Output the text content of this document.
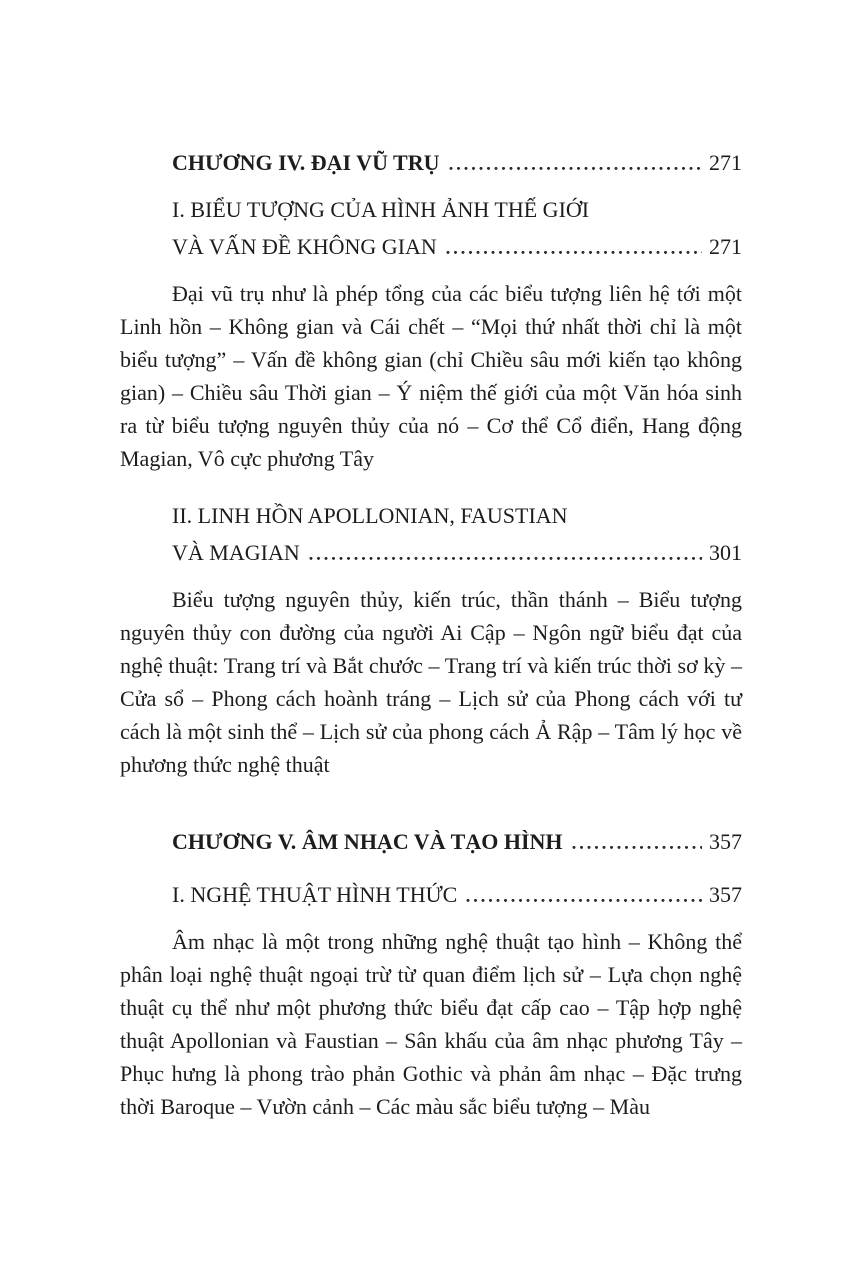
CHƯƠNG IV. ĐẠI VŨ TRỤ	271
I. BIỂU TƯỢNG CỦA HÌNH ẢNH THẾ GIỚI
VÀ VẤN ĐỀ KHÔNG GIAN	271

Đại vũ trụ như là phép tổng của các biểu tượng liên hệ tới một Linh hồn – Không gian và Cái chết – “Mọi thứ nhất thời chỉ là một biểu tượng” – Vấn đề không gian (chỉ Chiều sâu mới kiến tạo không gian) – Chiều sâu Thời gian – Ý niệm thế giới của một Văn hóa sinh ra từ biểu tượng nguyên thủy của nó – Cơ thể Cổ điển, Hang động Magian, Vô cực phương Tây

II. LINH HỒN APOLLONIAN, FAUSTIAN
VÀ MAGIAN	301

Biểu tượng nguyên thủy, kiến trúc, thần thánh – Biểu tượng nguyên thủy con đường của người Ai Cập – Ngôn ngữ biểu đạt của nghệ thuật: Trang trí và Bắt chước – Trang trí và kiến trúc thời sơ kỳ – Cửa sổ – Phong cách hoành tráng – Lịch sử của Phong cách với tư cách là một sinh thể – Lịch sử của phong cách Ả Rập – Tâm lý học về phương thức nghệ thuật

CHƯƠNG V. ÂM NHẠC VÀ TẠO HÌNH	357
I. NGHỆ THUẬT HÌNH THỨC	357

Âm nhạc là một trong những nghệ thuật tạo hình – Không thể phân loại nghệ thuật ngoại trừ từ quan điểm lịch sử – Lựa chọn nghệ thuật cụ thể như một phương thức biểu đạt cấp cao – Tập hợp nghệ thuật Apollonian và Faustian – Sân khấu của âm nhạc phương Tây – Phục hưng là phong trào phản Gothic và phản âm nhạc – Đặc trưng thời Baroque – Vườn cảnh – Các màu sắc biểu tượng – Màu
